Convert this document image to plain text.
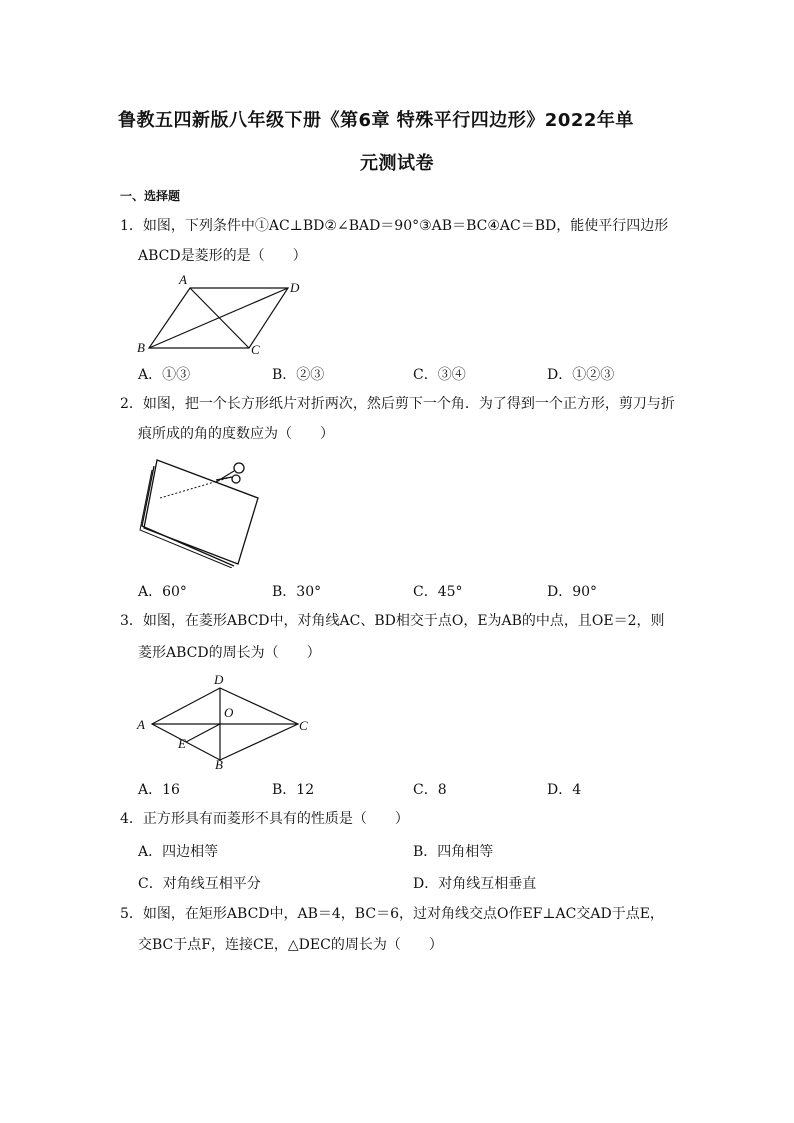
鲁教五四新版八年级下册《第6章 特殊平行四边形》2022年单
元测试卷
一、选择题
1．如图，下列条件中①AC⊥BD②∠BAD＝90°③AB＝BC④AC＝BD，能使平行四边形
ABCD是菱形的是（　　）
A
D
B	C
A．①③	B．②③	C．③④	D．①②③
2．如图，把一个长方形纸片对折两次，然后剪下一个角．为了得到一个正方形，剪刀与折
痕所成的角的度数应为（　　）
A．60°	B．30°	C．45°	D．90°
3．如图，在菱形ABCD中，对角线AC、BD相交于点O，E为AB的中点，且OE＝2，则
菱形ABCD的周长为（　　）
D
A
O
C
E
B
A．16	B．12	C．8	D．4
4．正方形具有而菱形不具有的性质是（　　）
A．四边相等	B．四角相等
C．对角线互相平分	D．对角线互相垂直
5．如图，在矩形ABCD中，AB＝4，BC＝6，过对角线交点O作EF⊥AC交AD于点E，
交BC于点F，连接CE，△DEC的周长为（　　）
